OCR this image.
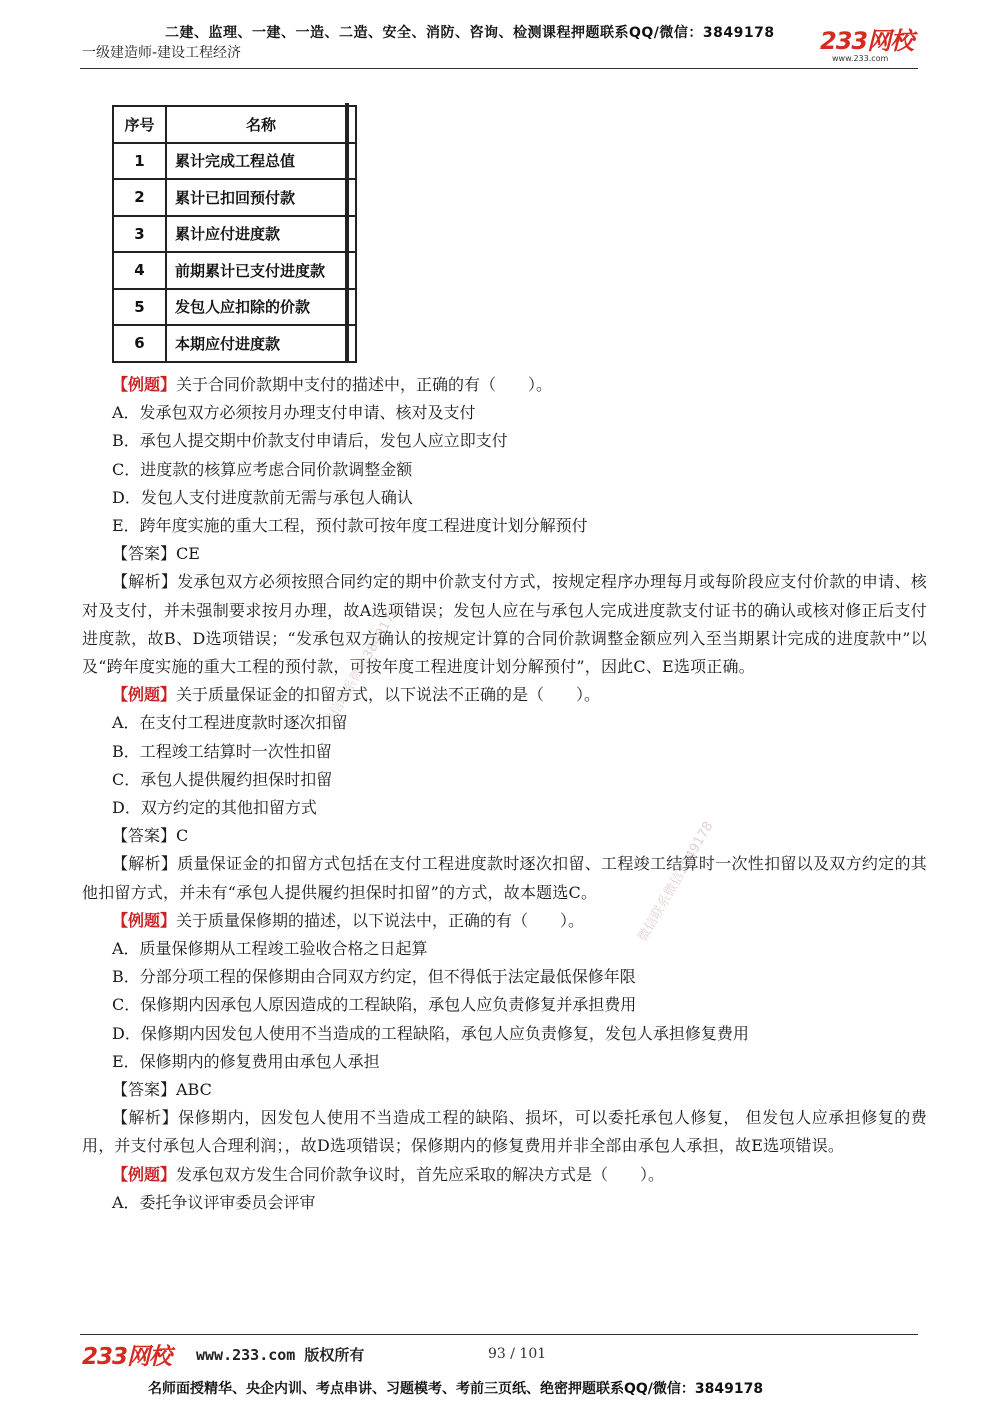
二建、监理、一建、一造、二造、安全、消防、咨询、检测课程押题联系QQ/微信：3849178
一级建造师-建设工程经济	233网校
www.233.com
序号	名称
1	累计完成工程总值
2	累计已扣回预付款
3	累计应付进度款
4	前期累计已支付进度款
5	发包人应扣除的价款
6	本期应付进度款
【例题】关于合同价款期中支付的描述中，正确的有（　　）。
A．发承包双方必须按月办理支付申请、核对及支付
B．承包人提交期中价款支付申请后，发包人应立即支付
C．进度款的核算应考虑合同价款调整金额
D．发包人支付进度款前无需与承包人确认
E．跨年度实施的重大工程，预付款可按年度工程进度计划分解预付
【答案】CE
【解析】发承包双方必须按照合同约定的期中价款支付方式，按规定程序办理每月或每阶段应支付价款的申请、核对及支付，并未强制要求按月办理，故A选项错误；发包人应在与承包人完成进度款支付证书的确认或核对修正后支付进度款，故B、D选项错误；“发承包双方确认的按规定计算的合同价款调整金额应列入至当期累计完成的进度款中”以及“跨年度实施的重大工程的预付款，可按年度工程进度计划分解预付”，因此C、E选项正确。
【例题】关于质量保证金的扣留方式，以下说法不正确的是（　　）。
A．在支付工程进度款时逐次扣留
B．工程竣工结算时一次性扣留
C．承包人提供履约担保时扣留
D．双方约定的其他扣留方式
【答案】C
【解析】质量保证金的扣留方式包括在支付工程进度款时逐次扣留、工程竣工结算时一次性扣留以及双方约定的其他扣留方式，并未有“承包人提供履约担保时扣留”的方式，故本题选C。
【例题】关于质量保修期的描述，以下说法中，正确的有（　　）。
A．质量保修期从工程竣工验收合格之日起算
B．分部分项工程的保修期由合同双方约定，但不得低于法定最低保修年限
C．保修期内因承包人原因造成的工程缺陷，承包人应负责修复并承担费用
D．保修期内因发包人使用不当造成的工程缺陷，承包人应负责修复，发包人承担修复费用
E．保修期内的修复费用由承包人承担
【答案】ABC
【解析】保修期内，因发包人使用不当造成工程的缺陷、损坏，可以委托承包人修复， 但发包人应承担修复的费用，并支付承包人合理利润；，故D选项错误；保修期内的修复费用并非全部由承包人承担，故E选项错误。
【例题】发承包双方发生合同价款争议时，首先应采取的解决方式是（　　）。
A．委托争议评审委员会评审
微信联系微信3849178
微信联系微信3849178
233网校 www.233.com 版权所有	93 / 101
名师面授精华、央企内训、考点串讲、习题模考、考前三页纸、绝密押题联系QQ/微信：3849178
